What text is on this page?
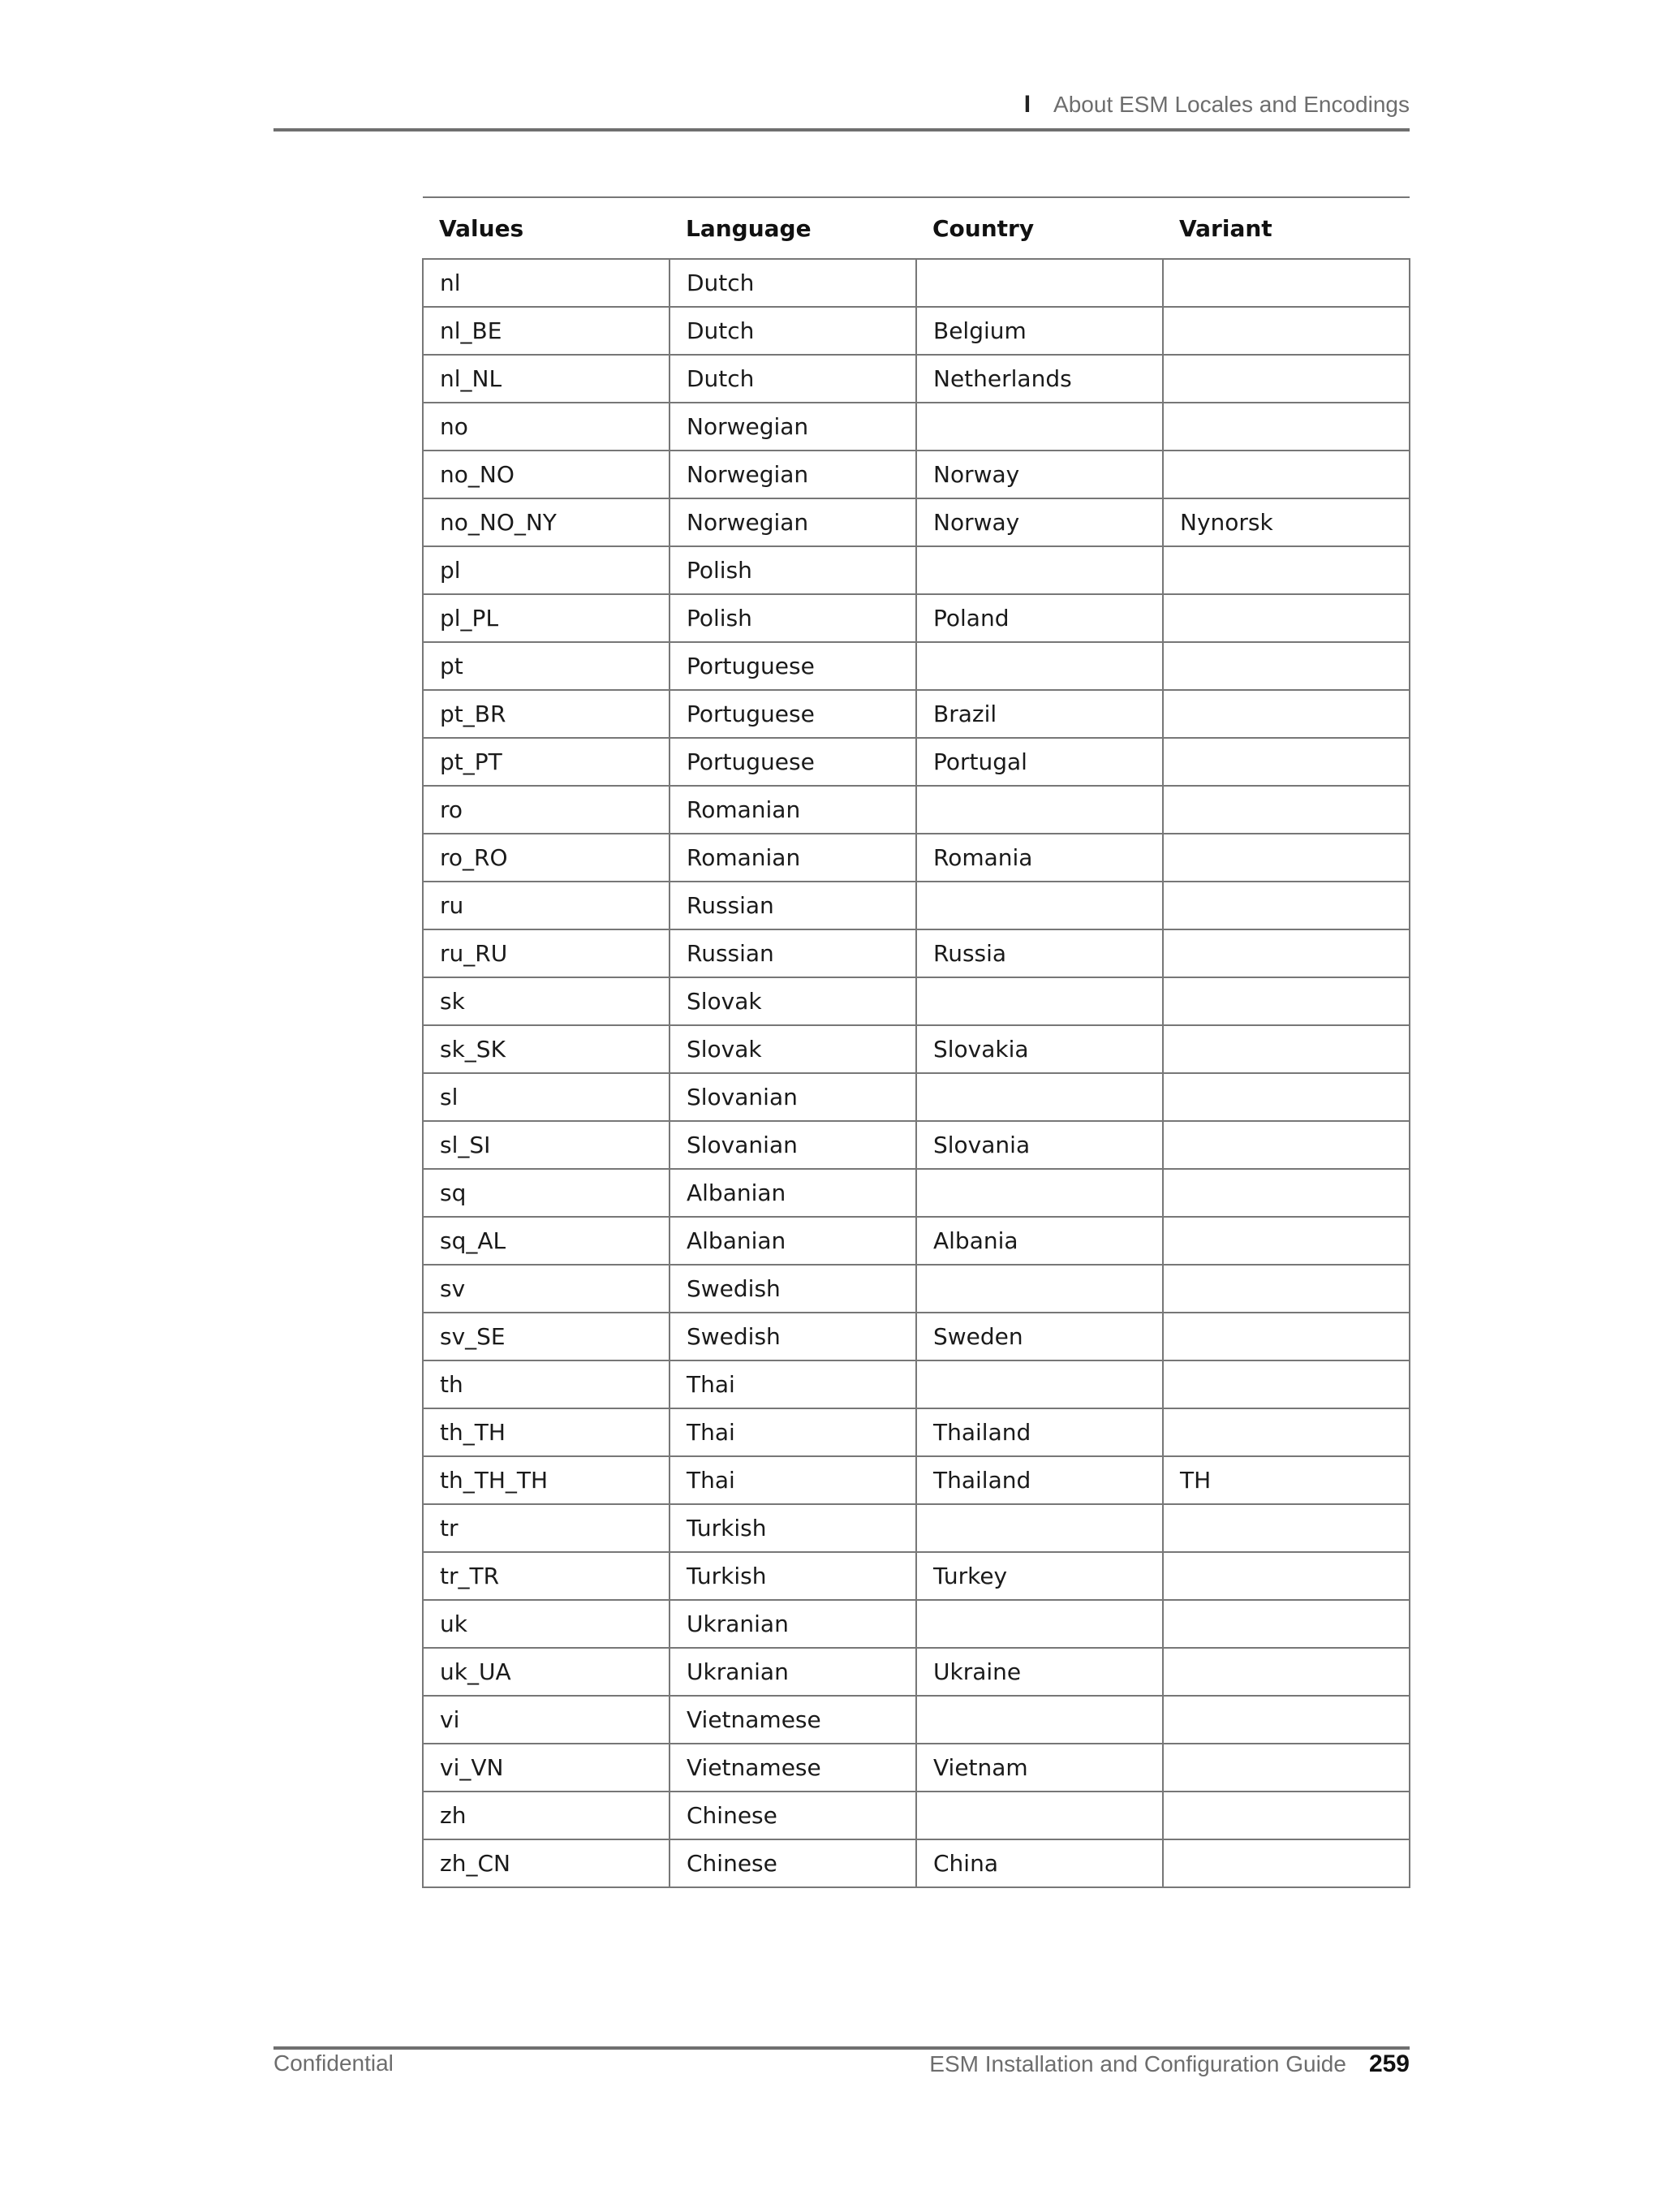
I About ESM Locales and Encodings
Values	Language	Country	Variant
nl	Dutch		
nl_BE	Dutch	Belgium	
nl_NL	Dutch	Netherlands	
no	Norwegian		
no_NO	Norwegian	Norway	
no_NO_NY	Norwegian	Norway	Nynorsk
pl	Polish		
pl_PL	Polish	Poland	
pt	Portuguese		
pt_BR	Portuguese	Brazil	
pt_PT	Portuguese	Portugal	
ro	Romanian		
ro_RO	Romanian	Romania	
ru	Russian		
ru_RU	Russian	Russia	
sk	Slovak		
sk_SK	Slovak	Slovakia	
sl	Slovanian		
sl_SI	Slovanian	Slovania	
sq	Albanian		
sq_AL	Albanian	Albania	
sv	Swedish		
sv_SE	Swedish	Sweden	
th	Thai		
th_TH	Thai	Thailand	
th_TH_TH	Thai	Thailand	TH
tr	Turkish		
tr_TR	Turkish	Turkey	
uk	Ukranian		
uk_UA	Ukranian	Ukraine	
vi	Vietnamese		
vi_VN	Vietnamese	Vietnam	
zh	Chinese		
zh_CN	Chinese	China	
Confidential	ESM Installation and Configuration Guide 259
